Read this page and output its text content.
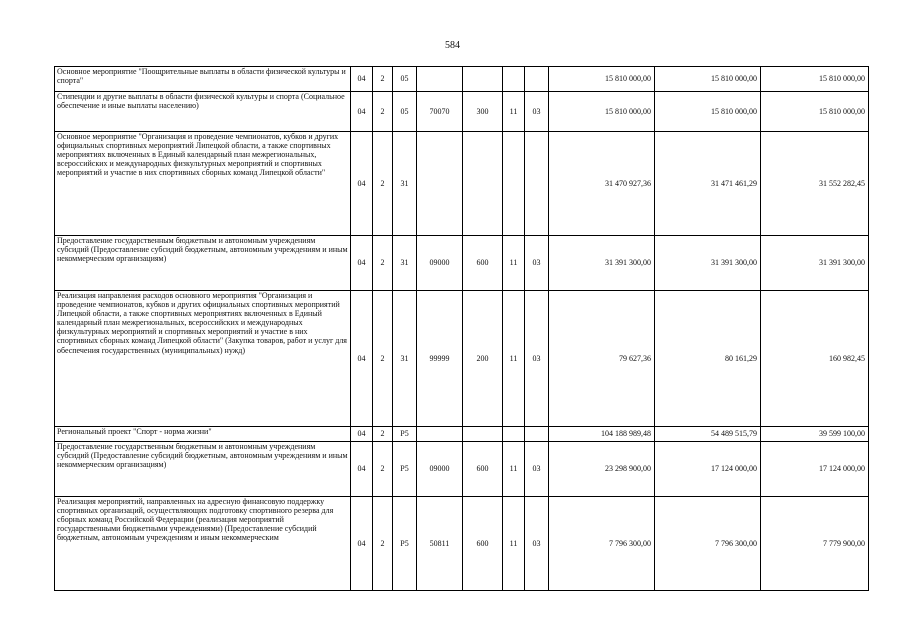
584
Основное мероприятие "Поощрительные выплаты в области физической культуры и спорта"	04	2	05					15 810 000,00	15 810 000,00	15 810 000,00
Стипендии и другие выплаты в области физической культуры и спорта (Социальное обеспечение и иные выплаты населению)	04	2	05	70070	300	11	03	15 810 000,00	15 810 000,00	15 810 000,00
Основное мероприятие "Организация и проведение чемпионатов, кубков и других официальных спортивных мероприятий Липецкой области, а также спортивных мероприятиях включенных в Единый календарный план межрегиональных, всероссийских и международных физкультурных мероприятий и спортивных мероприятий и участие в них спортивных сборных команд Липецкой области"	04	2	31					31 470 927,36	31 471 461,29	31 552 282,45
Предоставление государственным бюджетным и автономным учреждениям субсидий (Предоставление субсидий бюджетным, автономным учреждениям и иным некоммерческим организациям)	04	2	31	09000	600	11	03	31 391 300,00	31 391 300,00	31 391 300,00
Реализация направления расходов основного мероприятия "Организация и проведение чемпионатов, кубков и других официальных спортивных мероприятий Липецкой области, а также спортивных мероприятиях включенных в Единый календарный план межрегиональных, всероссийских и международных физкультурных мероприятий и спортивных мероприятий и участие в них спортивных сборных команд Липецкой области" (Закупка товаров, работ и услуг для обеспечения государственных (муниципальных) нужд)	04	2	31	99999	200	11	03	79 627,36	80 161,29	160 982,45
Региональный проект "Спорт - норма жизни"	04	2	P5					104 188 989,48	54 489 515,79	39 599 100,00
Предоставление государственным бюджетным и автономным учреждениям субсидий (Предоставление субсидий бюджетным, автономным учреждениям и иным некоммерческим организациям)	04	2	P5	09000	600	11	03	23 298 900,00	17 124 000,00	17 124 000,00
Реализация мероприятий, направленных на адресную финансовую поддержку спортивных организаций, осуществляющих подготовку спортивного резерва для сборных команд Российской Федерации (реализация мероприятий государственными бюджетными учреждениями) (Предоставление субсидий бюджетным, автономным учреждениям и иным некоммерческим	04	2	P5	50811	600	11	03	7 796 300,00	7 796 300,00	7 779 900,00
